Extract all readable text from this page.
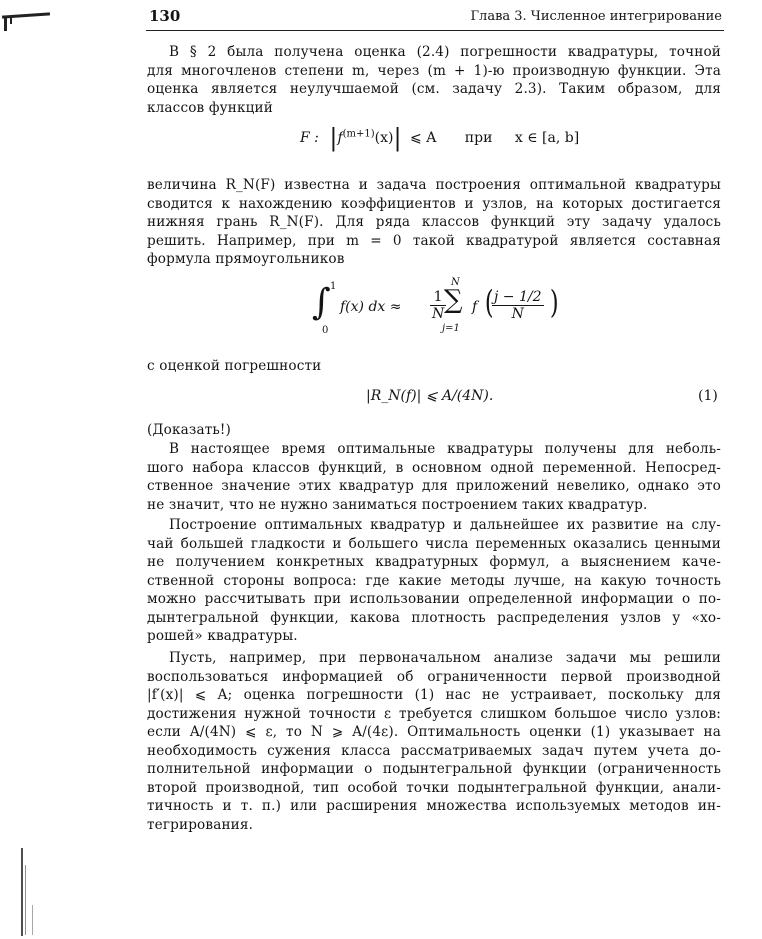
130	Глава 3. Численное интегрирование
В § 2 была получена оценка (2.4) погрешности квадратуры, точной
для многочленов степени m, через (m + 1)-ю производную функции. Эта
оценка является неулучшаемой (см. задачу 2.3). Таким образом, для
классов функций
F : $|f^{(m+1)}(x)|$ ⩽ A при x ∈ [a, b]
величина R_N(F) известна и задача построения оптимальной квадратуры
сводится к нахождению коэффициентов и узлов, на которых достигается
нижняя грань R_N(F). Для ряда классов функций эту задачу удалось
решить. Например, при m = 0 такой квадратурой является составная
формула прямоугольников
∫ 1
0
f(x) dx ≈ $\frac{1}{N}$
N
∑
j=1
f (
$\frac{j - 1/2}{N}$ )
с оценкой погрешности
|R_N(f)| ⩽ A/(4N).	(1)
(Доказать!)
В настоящее время оптимальные квадратуры получены для неболь-
шого набора классов функций, в основном одной переменной. Непосред-
ственное значение этих квадратур для приложений невелико, однако это
не значит, что не нужно заниматься построением таких квадратур.
Построение оптимальных квадратур и дальнейшее их развитие на слу-
чай большей гладкости и большего числа переменных оказались ценными
не получением конкретных квадратурных формул, а выяснением каче-
ственной стороны вопроса: где какие методы лучше, на какую точность
можно рассчитывать при использовании определенной информации о по-
дынтегральной функции, какова плотность распределения узлов у «хо-
рошей» квадратуры.
Пусть, например, при первоначальном анализе задачи мы решили
воспользоваться информацией об ограниченности первой производной
|f′(x)| ⩽ A; оценка погрешности (1) нас не устраивает, поскольку для
достижения нужной точности ε требуется слишком большое число узлов:
если A/(4N) ⩽ ε, то N ⩾ A/(4ε). Оптимальность оценки (1) указывает на
необходимость сужения класса рассматриваемых задач путем учета до-
полнительной информации о подынтегральной функции (ограниченность
второй производной, тип особой точки подынтегральной функции, анали-
тичность и т. п.) или расширения множества используемых методов ин-
тегрирования.
